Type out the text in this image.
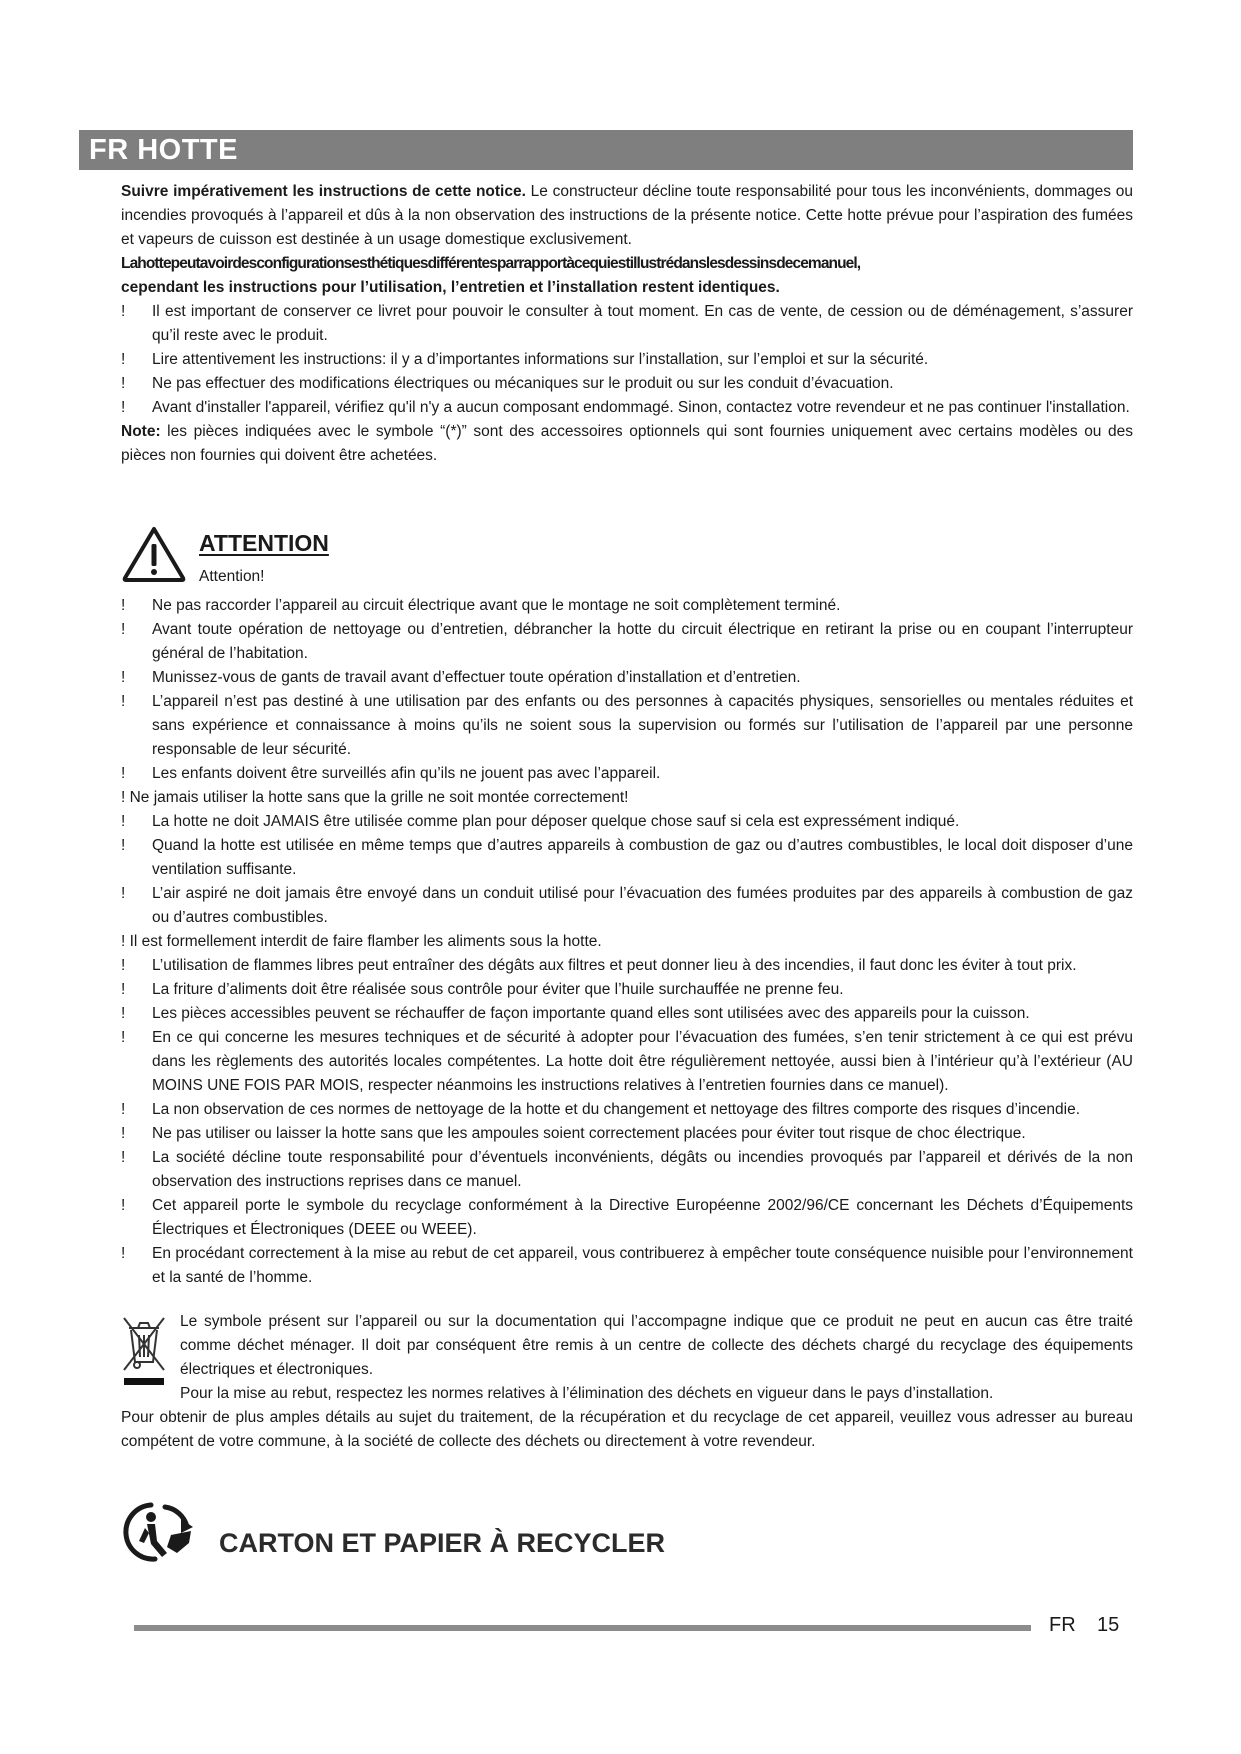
FR HOTTE

Suivre impérativement les instructions de cette notice. Le constructeur décline toute responsabilité pour tous les inconvénients, dommages ou incendies provoqués à l’appareil et dûs à la non observation des instructions de la présente notice. Cette hotte prévue pour l’aspiration des fumées et vapeurs de cuisson est destinée à un usage domestique exclusivement.

Lahottepeutavoirdesconfigurationsesthétiquesdifférentesparrapportàcequiestillustrédanslesdessinsdecemanuel,

cependant les instructions pour l’utilisation, l’entretien et l’installation restent identiques.

! Il est important de conserver ce livret pour pouvoir le consulter à tout moment. En cas de vente, de cession ou de déménagement, s’assurer qu’il reste avec le produit.

! Lire attentivement les instructions: il y a d’importantes informations sur l’installation, sur l’emploi et sur la sécurité.

! Ne pas effectuer des modifications électriques ou mécaniques sur le produit ou sur les conduit d’évacuation.

! Avant d'installer l'appareil, vérifiez qu'il n'y a aucun composant endommagé. Sinon, contactez votre revendeur et ne pas continuer l'installation.

Note: les pièces indiquées avec le symbole “(*)” sont des accessoires optionnels qui sont fournies uniquement avec certains modèles ou des pièces non fournies qui doivent être achetées.

ATTENTION
Attention!

! Ne pas raccorder l’appareil au circuit électrique avant que le montage ne soit complètement terminé.

! Avant toute opération de nettoyage ou d’entretien, débrancher la hotte du circuit électrique en retirant la prise ou en coupant l’interrupteur général de l’habitation.

! Munissez-vous de gants de travail avant d’effectuer toute opération d’installation et d’entretien.

! L’appareil n’est pas destiné à une utilisation par des enfants ou des personnes à capacités physiques, sensorielles ou mentales réduites et sans expérience et connaissance à moins qu’ils ne soient sous la supervision ou formés sur l’utilisation de l’appareil par une personne responsable de leur sécurité.

! Les enfants doivent être surveillés afin qu’ils ne jouent pas avec l’appareil.

! Ne jamais utiliser la hotte sans que la grille ne soit montée correctement!

! La hotte ne doit JAMAIS être utilisée comme plan pour déposer quelque chose sauf si cela est expressément indiqué.

! Quand la hotte est utilisée en même temps que d’autres appareils à combustion de gaz ou d’autres combustibles, le local doit disposer d’une ventilation suffisante.

! L’air aspiré ne doit jamais être envoyé dans un conduit utilisé pour l’évacuation des fumées produites par des appareils à combustion de gaz ou d’autres combustibles.

! Il est formellement interdit de faire flamber les aliments sous la hotte.

! L’utilisation de flammes libres peut entraîner des dégâts aux filtres et peut donner lieu à des incendies, il faut donc les éviter à tout prix.

! La friture d’aliments doit être réalisée sous contrôle pour éviter que l’huile surchauffée ne prenne feu.

! Les pièces accessibles peuvent se réchauffer de façon importante quand elles sont utilisées avec des appareils pour la cuisson.

! En ce qui concerne les mesures techniques et de sécurité à adopter pour l’évacuation des fumées, s’en tenir strictement à ce qui est prévu dans les règlements des autorités locales compétentes. La hotte doit être régulièrement nettoyée, aussi bien à l’intérieur qu’à l’extérieur (AU MOINS UNE FOIS PAR MOIS, respecter néanmoins les instructions relatives à l’entretien fournies dans ce manuel).

! La non observation de ces normes de nettoyage de la hotte et du changement et nettoyage des filtres comporte des risques d’incendie.

! Ne pas utiliser ou laisser la hotte sans que les ampoules soient correctement placées pour éviter tout risque de choc électrique.

! La société décline toute responsabilité pour d’éventuels inconvénients, dégâts ou incendies provoqués par l’appareil et dérivés de la non observation des instructions reprises dans ce manuel.

! Cet appareil porte le symbole du recyclage conformément à la Directive Européenne 2002/96/CE concernant les Déchets d’Équipements Électriques et Électroniques (DEEE ou WEEE).

! En procédant correctement à la mise au rebut de cet appareil, vous contribuerez à empêcher toute conséquence nuisible pour l’environnement et la santé de l’homme.

Le symbole présent sur l’appareil ou sur la documentation qui l’accompagne indique que ce produit ne peut en aucun cas être traité comme déchet ménager. Il doit par conséquent être remis à un centre de collecte des déchets chargé du recyclage des équipements électriques et électroniques.

Pour la mise au rebut, respectez les normes relatives à l’élimination des déchets en vigueur dans le pays d’installation.

Pour obtenir de plus amples détails au sujet du traitement, de la récupération et du recyclage de cet appareil, veuillez vous adresser au bureau compétent de votre commune, à la société de collecte des déchets ou directement à votre revendeur.

CARTON ET PAPIER À RECYCLER
FR 15
